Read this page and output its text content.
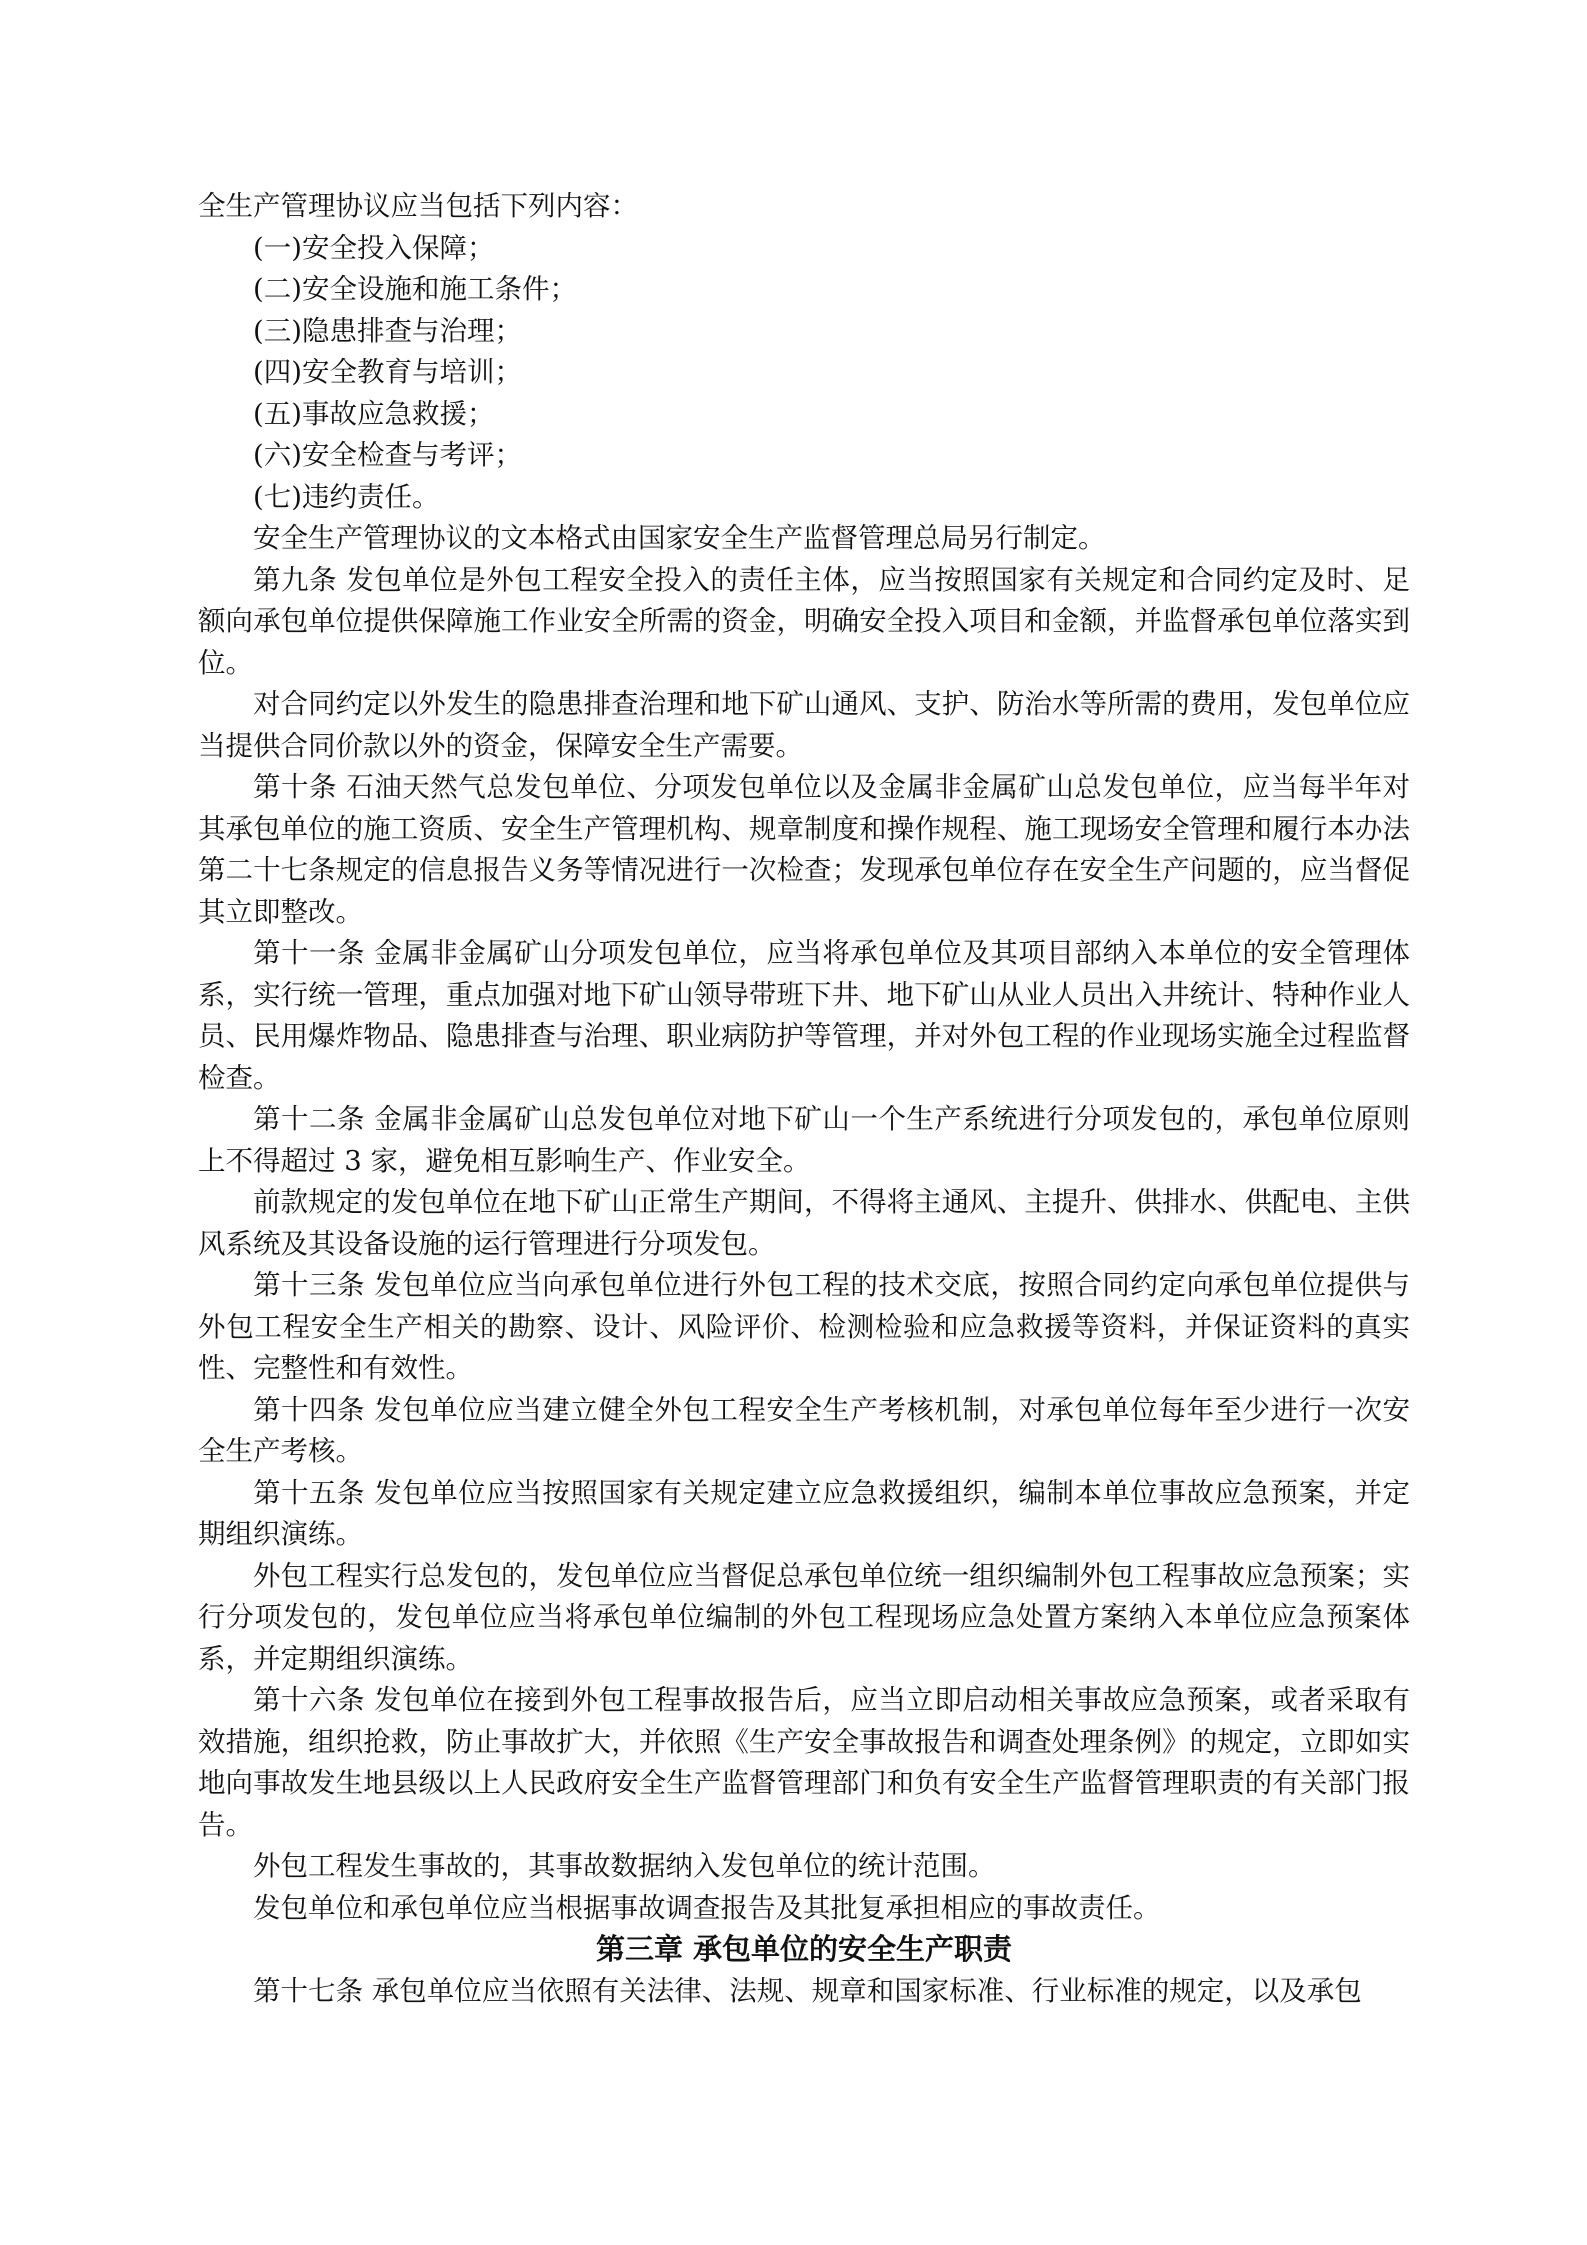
全生产管理协议应当包括下列内容：

(一)安全投入保障；

(二)安全设施和施工条件；

(三)隐患排查与治理；

(四)安全教育与培训；

(五)事故应急救援；

(六)安全检查与考评；

(七)违约责任。

安全生产管理协议的文本格式由国家安全生产监督管理总局另行制定。

第九条 发包单位是外包工程安全投入的责任主体，应当按照国家有关规定和合同约定及时、足额向承包单位提供保障施工作业安全所需的资金，明确安全投入项目和金额，并监督承包单位落实到位。

对合同约定以外发生的隐患排查治理和地下矿山通风、支护、防治水等所需的费用，发包单位应当提供合同价款以外的资金，保障安全生产需要。

第十条 石油天然气总发包单位、分项发包单位以及金属非金属矿山总发包单位，应当每半年对其承包单位的施工资质、安全生产管理机构、规章制度和操作规程、施工现场安全管理和履行本办法第二十七条规定的信息报告义务等情况进行一次检查；发现承包单位存在安全生产问题的，应当督促其立即整改。

第十一条 金属非金属矿山分项发包单位，应当将承包单位及其项目部纳入本单位的安全管理体系，实行统一管理，重点加强对地下矿山领导带班下井、地下矿山从业人员出入井统计、特种作业人员、民用爆炸物品、隐患排查与治理、职业病防护等管理，并对外包工程的作业现场实施全过程监督检查。

第十二条 金属非金属矿山总发包单位对地下矿山一个生产系统进行分项发包的，承包单位原则上不得超过 3 家，避免相互影响生产、作业安全。

前款规定的发包单位在地下矿山正常生产期间，不得将主通风、主提升、供排水、供配电、主供风系统及其设备设施的运行管理进行分项发包。

第十三条 发包单位应当向承包单位进行外包工程的技术交底，按照合同约定向承包单位提供与外包工程安全生产相关的勘察、设计、风险评价、检测检验和应急救援等资料，并保证资料的真实性、完整性和有效性。

第十四条 发包单位应当建立健全外包工程安全生产考核机制，对承包单位每年至少进行一次安全生产考核。

第十五条 发包单位应当按照国家有关规定建立应急救援组织，编制本单位事故应急预案，并定期组织演练。

外包工程实行总发包的，发包单位应当督促总承包单位统一组织编制外包工程事故应急预案；实行分项发包的，发包单位应当将承包单位编制的外包工程现场应急处置方案纳入本单位应急预案体系，并定期组织演练。

第十六条 发包单位在接到外包工程事故报告后，应当立即启动相关事故应急预案，或者采取有效措施，组织抢救，防止事故扩大，并依照《生产安全事故报告和调查处理条例》的规定，立即如实地向事故发生地县级以上人民政府安全生产监督管理部门和负有安全生产监督管理职责的有关部门报告。

外包工程发生事故的，其事故数据纳入发包单位的统计范围。

发包单位和承包单位应当根据事故调查报告及其批复承担相应的事故责任。

第三章 承包单位的安全生产职责

第十七条 承包单位应当依照有关法律、法规、规章和国家标准、行业标准的规定，以及承包
